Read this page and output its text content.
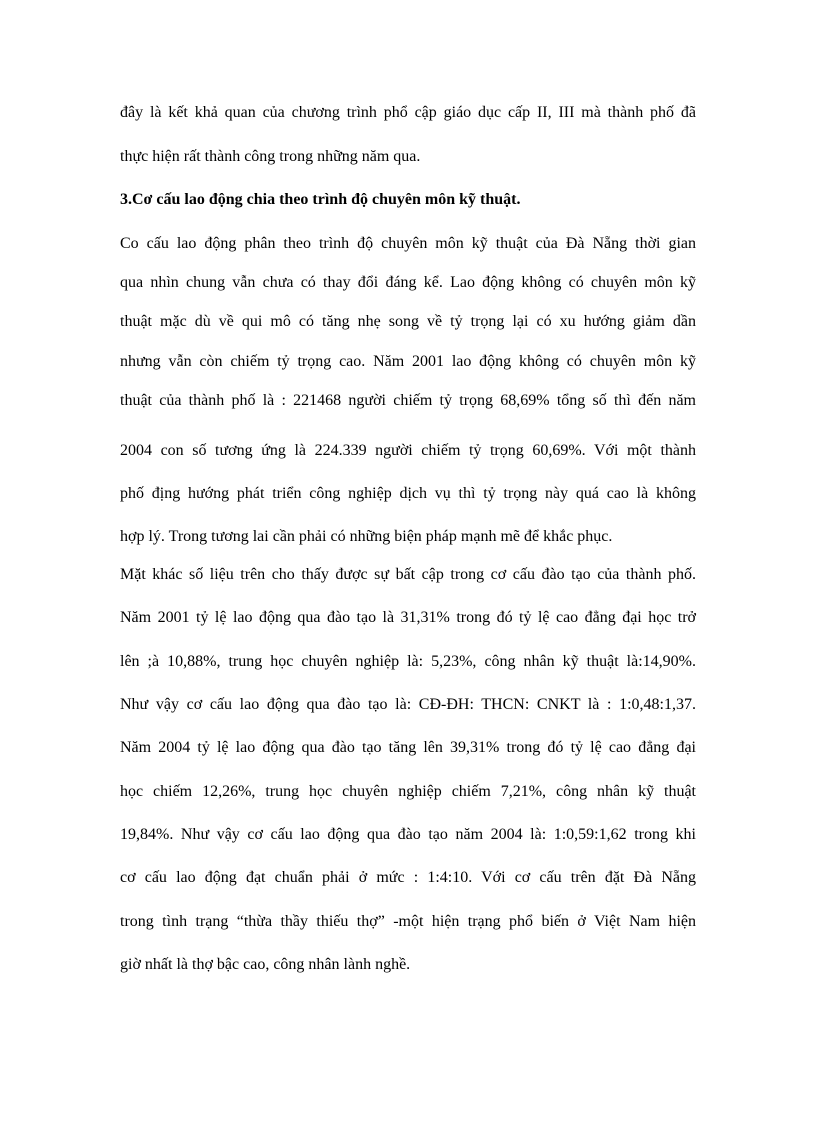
đây là kết khả quan của chương trình phổ cập giáo dục cấp II, III mà thành phố đã
thực hiện rất thành công trong những năm qua.
3.Cơ cấu lao động chia theo trình độ chuyên môn kỹ thuật.
Co cấu lao động phân theo trình độ chuyên môn kỹ thuật của Đà Nẵng thời gian
qua nhìn chung vẫn chưa có thay đổi đáng kể. Lao động không có chuyên môn kỹ
thuật mặc dù về qui mô có tăng nhẹ song về tỷ trọng lại có xu hướng giảm dần
nhưng vẫn còn chiếm tỷ trọng cao. Năm 2001 lao động không có chuyên môn kỹ
thuật của thành phố là : 221468 người chiếm tỷ trọng 68,69% tổng số thì đến năm
2004 con số tương ứng là 224.339 người chiếm tỷ trọng 60,69%. Với một thành
phố địng hướng phát triển công nghiệp dịch vụ thì tỷ trọng này quá cao là không
hợp lý. Trong tương lai cần phải có những biện pháp mạnh mẽ để khắc phục.
Mặt khác số liệu trên cho thấy được sự bất cập trong cơ cấu đào tạo của thành phố.
Năm 2001 tỷ lệ lao động qua đào tạo là 31,31% trong đó tỷ lệ cao đẳng đại học trở
lên ;à 10,88%, trung học chuyên nghiệp là: 5,23%, công nhân kỹ thuật là:14,90%.
Như vậy cơ cấu lao động qua đào tạo là: CĐ-ĐH: THCN: CNKT là : 1:0,48:1,37.
Năm 2004 tỷ lệ lao động qua đào tạo tăng lên 39,31% trong đó tỷ lệ cao đẳng đại
học chiếm 12,26%, trung học chuyên nghiệp chiếm 7,21%, công nhân kỹ thuật
19,84%. Như vậy cơ cấu lao động qua đào tạo năm 2004 là: 1:0,59:1,62 trong khi
cơ cấu lao động đạt chuẩn phải ở mức : 1:4:10. Với cơ cấu trên đặt Đà Nẵng
trong tình trạng “thừa thầy thiếu thợ” -một hiện trạng phổ biến ở Việt Nam hiện
giờ nhất là thợ bậc cao, công nhân lành nghề.
